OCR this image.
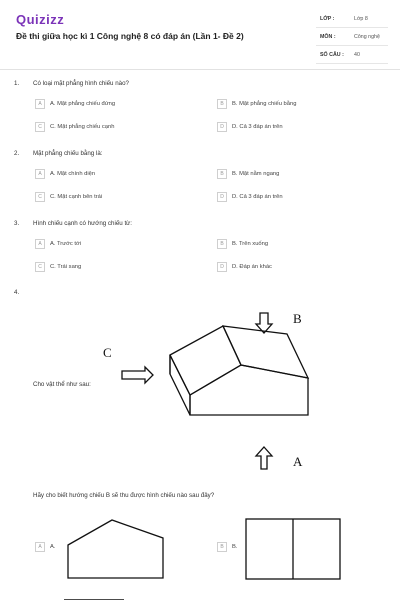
Quizizz
Đề thi giữa học kì 1 Công nghệ 8 có đáp án (Lần 1- Đề 2)
LỚP :	Lớp 8
MÔN :	Công nghệ
SỐ CÂU : 40
1. Có loại mặt phẳng hình chiếu nào?
A	A. Mặt phẳng chiếu đứng	B	B. Mặt phẳng chiếu bằng
C	C. Mặt phẳng chiếu cạnh	D	D. Cả 3 đáp án trên
2. Mặt phẳng chiếu bằng là:
A	A. Mặt chính diện	B	B. Mặt nằm ngang
C	C. Mặt cạnh bên trái	D	D. Cả 3 đáp án trên
3. Hình chiếu cạnh có hướng chiếu từ:
A	A. Trước tới	B	B. Trên xuống
C	C. Trái sang	D	D. Đáp án khác
4.
Cho vật thể như sau:
Hãy cho biết hướng chiếu B sẽ thu được hình chiếu nào sau đây?
B
C
A
A	A.	B	B.
